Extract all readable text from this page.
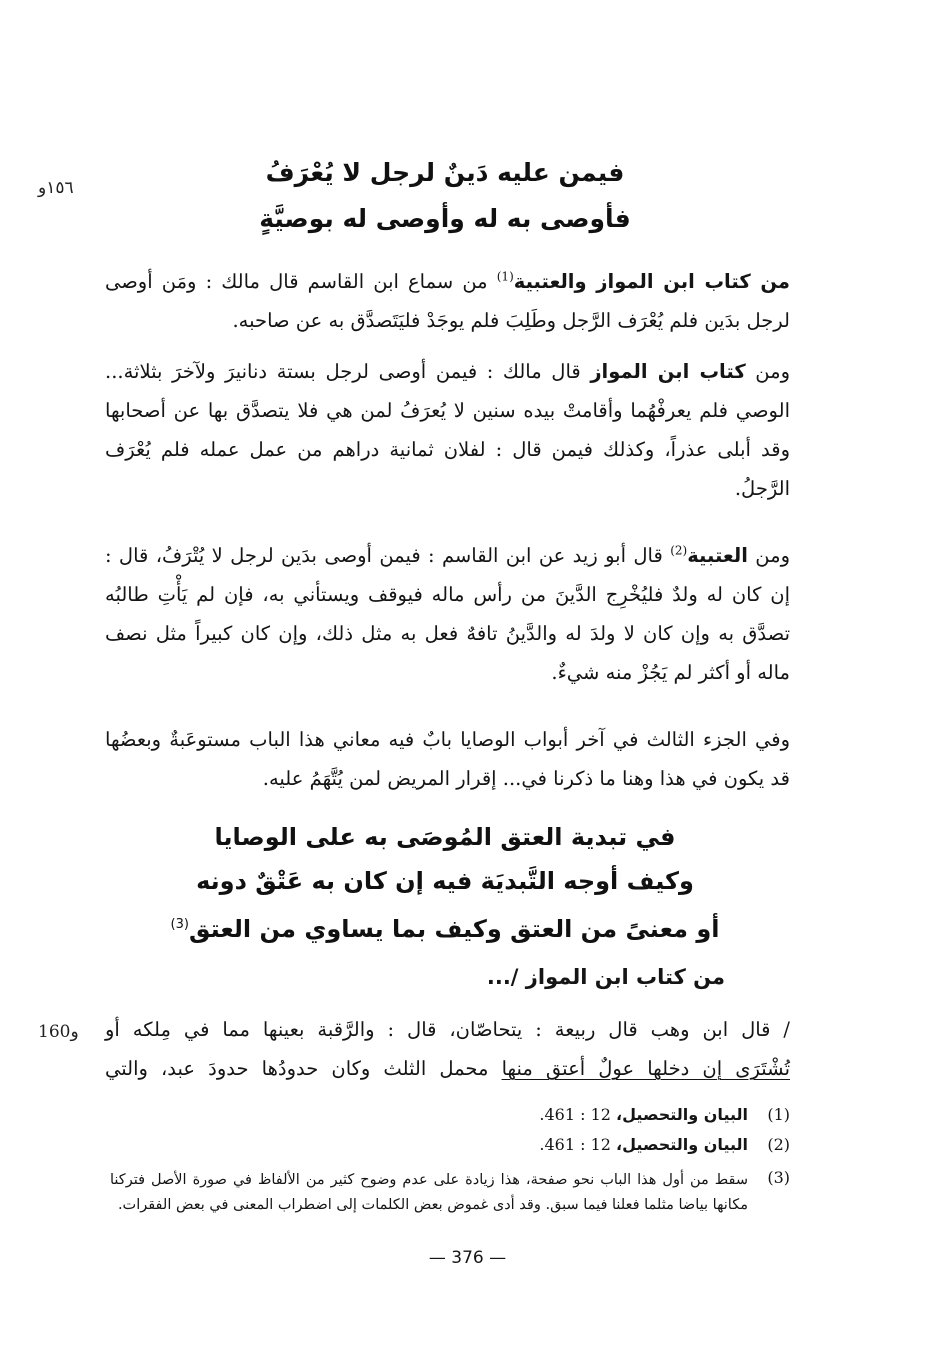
١٥٦و
160و
فيمن عليه دَينٌ لرجل لا يُعْرَفُ
فأوصى به له وأوصى له بوصيَّةٍ

من كتاب ابن المواز والعتبية$^{(1)}$ من سماع ابن القاسم قال مالك : ومَن أوصى لرجل بدَين فلم يُعْرَف الرَّجل وطَلِبَ فلم يوجَدْ فليَتَصدَّق به عن صاحبه.

ومن كتاب ابن المواز قال مالك : فيمن أوصى لرجل بستة دنانيرَ ولآخرَ بثلاثة... الوصي فلم يعرفْهُما وأقامتْ بيده سنين لا يُعرَفُ لمن هي فلا يتصدَّق بها عن أصحابها وقد أبلى عذراً، وكذلك فيمن قال : لفلان ثمانية دراهم من عمل عمله فلم يُعْرَف الرَّجلُ.

ومن العتبية$^{(2)}$ قال أبو زيد عن ابن القاسم : فيمن أوصى بدَين لرجل لا يُتْرَفُ، قال : إن كان له ولدٌ فليُخْرِج الدَّينَ من رأس ماله فيوقف ويستأني به، فإن لم يَأْتِ طالبُه تصدَّق به وإن كان لا ولدَ له والدَّينُ تافهٌ فعل به مثل ذلك، وإن كان كبيراً مثل نصف ماله أو أكثر لم يَجُزْ منه شيءٌ.

وفي الجزء الثالث في آخر أبواب الوصايا بابٌ فيه معاني هذا الباب مستوعَبةٌ وبعضُها قد يكون في هذا وهنا ما ذكرنا في... إقرار المريض لمن يُتَّهَمُ عليه.

في تبدية العتق المُوصَى به على الوصايا
وكيف أوجه التَّبديَة فيه إن كان به عَتْقٌ دونه
أو معنىً من العتق وكيف بما يساوي من العتق$^{(3)}$
من كتاب ابن المواز /...

/ قال ابن وهب قال ربيعة : يتحاصّان، قال : والرَّقبة بعينها مما في مِلكه أو
تُشْتَرَى إن دخلها عولٌ أعتق منها محمل الثلث وكان حدودُها حدودَ عبد، والتي

(1)
البيان والتحصيل، 12 : 461.
(2)
البيان والتحصيل، 12 : 461.
(3)
سقط من أول هذا الباب نحو صفحة، هذا زيادة على عدم وضوح كثير من الألفاظ في صورة الأصل فتركنا مكانها بياضا مثلما فعلنا فيما سبق. وقد أدى غموض بعض الكلمات إلى اضطراب المعنى في بعض الفقرات.
— 376 —
